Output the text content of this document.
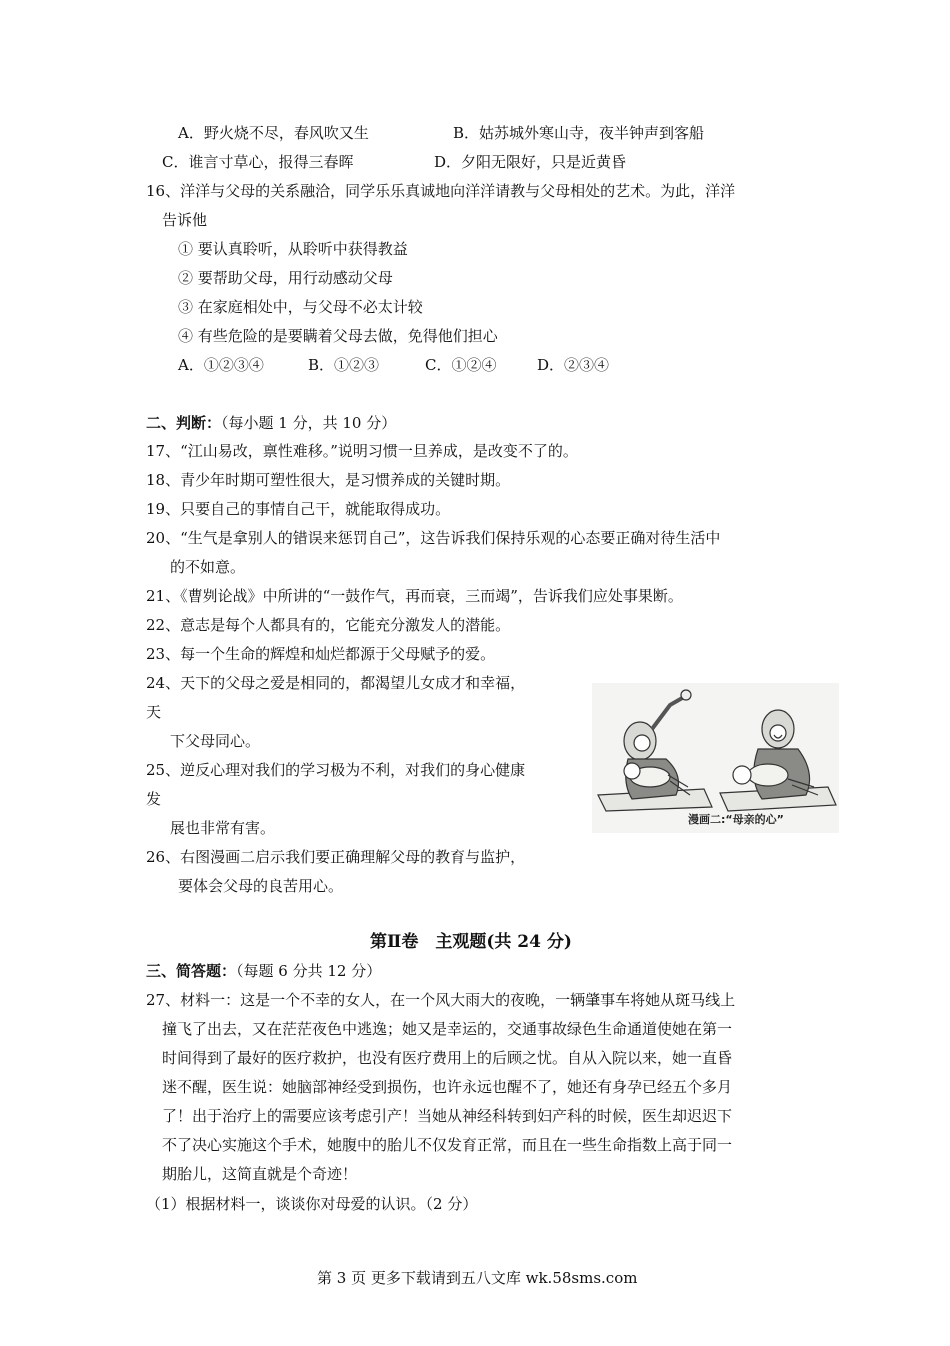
A．野火烧不尽，春风吹又生	B．姑苏城外寒山寺，夜半钟声到客船
C．谁言寸草心，报得三春晖	D．夕阳无限好，只是近黄昏
16、洋洋与父母的关系融洽，同学乐乐真诚地向洋洋请教与父母相处的艺术。为此，洋洋
告诉他
① 要认真聆听，从聆听中获得教益
② 要帮助父母，用行动感动父母
③ 在家庭相处中，与父母不必太计较
④ 有些危险的是要瞒着父母去做，免得他们担心
A．①②③④	B．①②③	C．①②④	D．②③④
二、判断：（每小题 1 分，共 10 分）
17、“江山易改，禀性难移。”说明习惯一旦养成，是改变不了的。
18、青少年时期可塑性很大，是习惯养成的关键时期。
19、只要自己的事情自己干，就能取得成功。
20、“生气是拿别人的错误来惩罚自己”，这告诉我们保持乐观的心态要正确对待生活中
的不如意。
21、《曹刿论战》中所讲的“一鼓作气，再而衰，三而竭”，告诉我们应处事果断。
22、意志是每个人都具有的，它能充分激发人的潜能。
23、每一个生命的辉煌和灿烂都源于父母赋予的爱。
24、天下的父母之爱是相同的，都渴望儿女成才和幸福，
天
下父母同心。
25、逆反心理对我们的学习极为不利，对我们的身心健康
发
展也非常有害。
26、右图漫画二启示我们要正确理解父母的教育与监护，
要体会父母的良苦用心。
漫画二:“母亲的心”
第Ⅱ卷　主观题(共 24 分)
三、简答题：（每题 6 分共 12 分）
27、材料一：这是一个不幸的女人，在一个风大雨大的夜晚，一辆肇事车将她从斑马线上
撞飞了出去，又在茫茫夜色中逃逸；她又是幸运的，交通事故绿色生命通道使她在第一
时间得到了最好的医疗救护，也没有医疗费用上的后顾之忧。自从入院以来，她一直昏
迷不醒，医生说：她脑部神经受到损伤，也许永远也醒不了，她还有身孕已经五个多月
了！出于治疗上的需要应该考虑引产！当她从神经科转到妇产科的时候，医生却迟迟下
不了决心实施这个手术，她腹中的胎儿不仅发育正常，而且在一些生命指数上高于同一
期胎儿，这简直就是个奇迹！
（1）根据材料一，谈谈你对母爱的认识。（2 分）
第 3 页 更多下载请到五八文库 wk.58sms.com
